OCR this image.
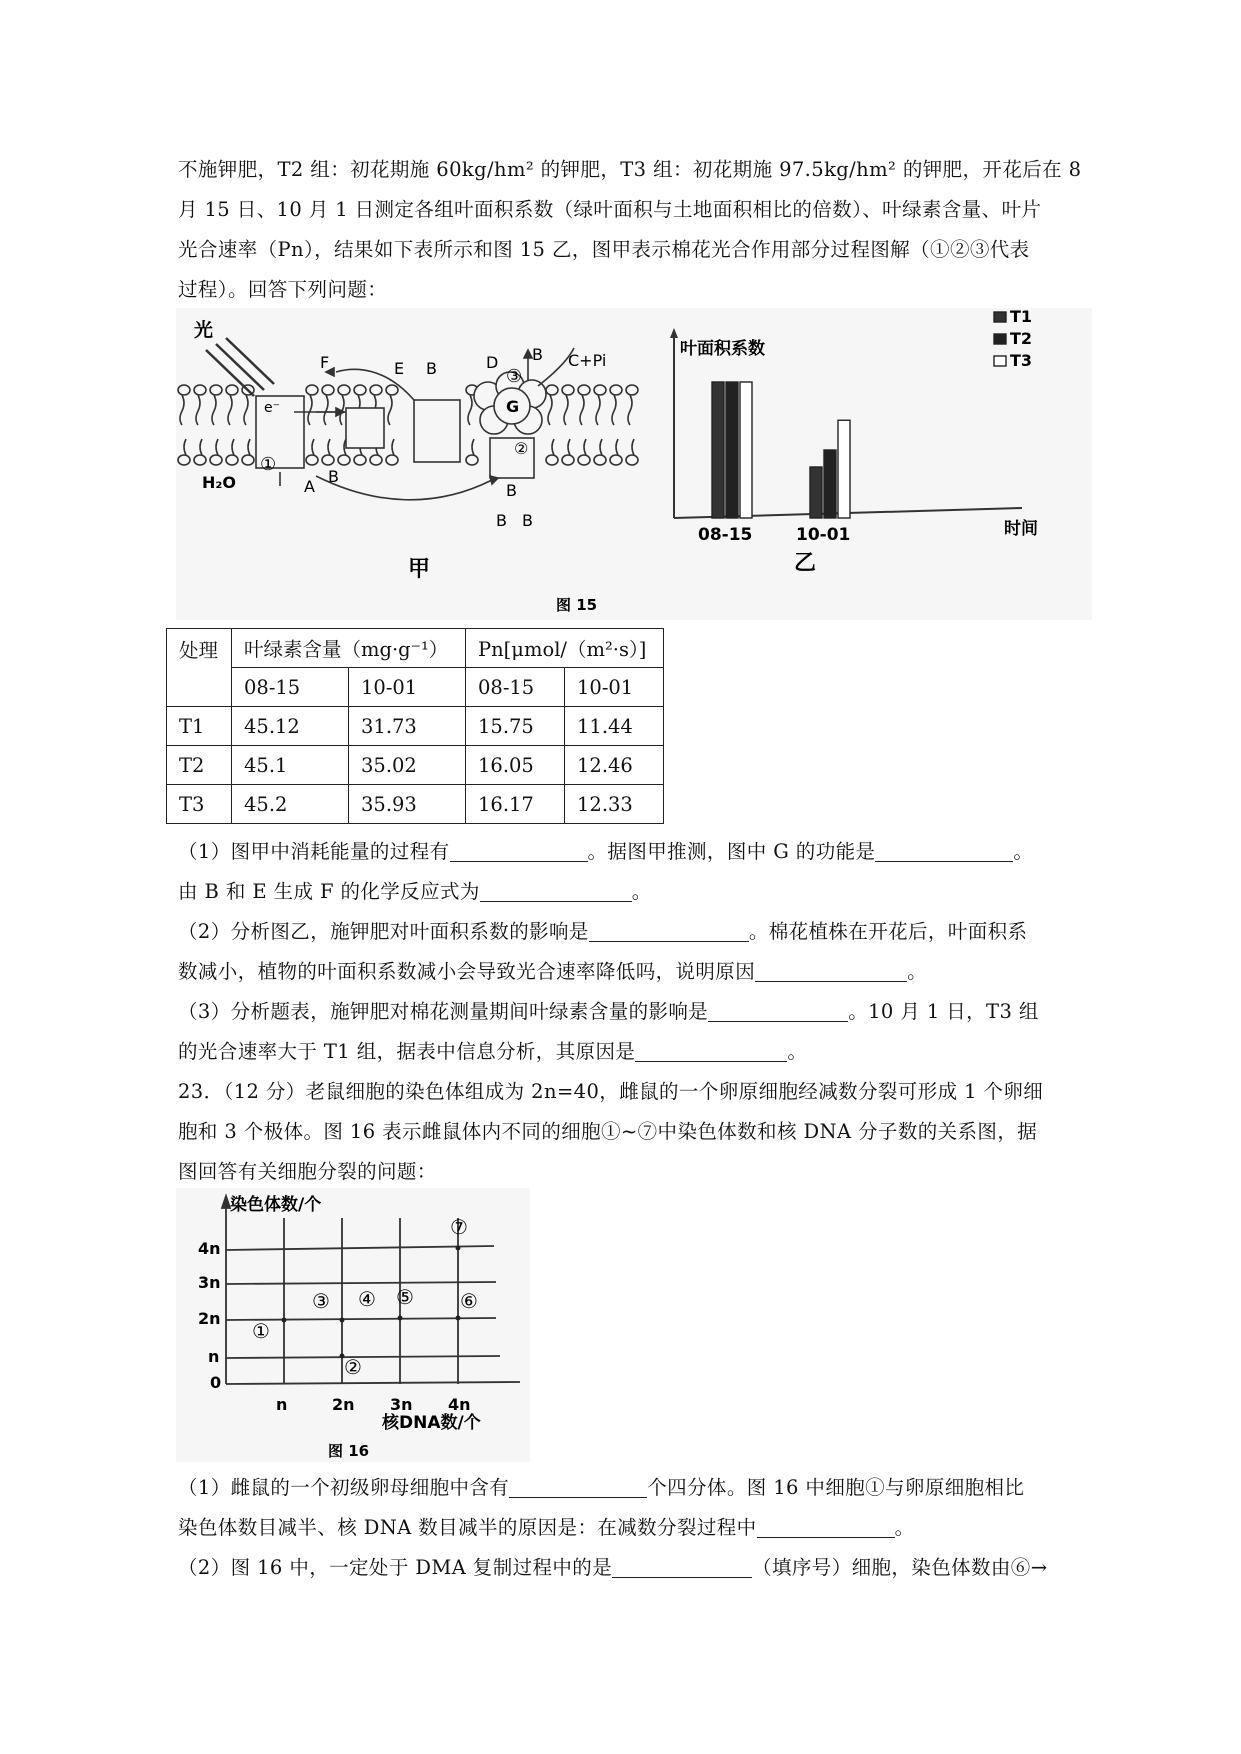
不施钾肥，T2 组：初花期施 60kg/hm² 的钾肥，T3 组：初花期施 97.5kg/hm² 的钾肥，开花后在 8
月 15 日、10 月 1 日测定各组叶面积系数（绿叶面积与土地面积相比的倍数）、叶绿素含量、叶片
光合速率（Pn），结果如下表所示和图 15 乙，图甲表示棉花光合作用部分过程图解（①②③代表
过程）。回答下列问题：
光
e⁻
H₂O
①
A
B
F	E B	D
③
B C+Pi
G
②
B
B B
甲
08-15	10-01
T1
T2
T3
叶面积系数
时间
乙
图 15
处理	叶绿素含量（mg·g⁻¹）		Pn[μmol/（m²·s）]	
	08-15	10-01	08-15	10-01
T1	45.12	31.73	15.75	11.44
T2	45.1	35.02	16.05	12.46
T3	45.2	35.93	16.17	12.33
（1）图甲中消耗能量的过程有	。据图甲推测，图中 G 的功能是	。
由 B 和 E 生成 F 的化学反应式为	。
（2）分析图乙，施钾肥对叶面积系数的影响是	。棉花植株在开花后，叶面积系
数减小，植物的叶面积系数减小会导致光合速率降低吗，说明原因	。
（3）分析题表，施钾肥对棉花测量期间叶绿素含量的影响是	。10 月 1 日，T3 组
的光合速率大于 T1 组，据表中信息分析，其原因是	。
23．（12 分）老鼠细胞的染色体组成为 2n=40，雌鼠的一个卵原细胞经减数分裂可形成 1 个卵细
胞和 3 个极体。图 16 表示雌鼠体内不同的细胞①~⑦中染色体数和核 DNA 分子数的关系图，据
图回答有关细胞分裂的问题：
染色体数/个
核DNA数/个
4n
3n
2n
n
0
n	2n 3n 4n
①
②
③ ④ ⑤ ⑥
⑦
图 16
（1）雌鼠的一个初级卵母细胞中含有	个四分体。图 16 中细胞①与卵原细胞相比
染色体数目减半、核 DNA 数目减半的原因是：在减数分裂过程中	。
（2）图 16 中，一定处于 DMA 复制过程中的是	（填序号）细胞，染色体数由⑥→
